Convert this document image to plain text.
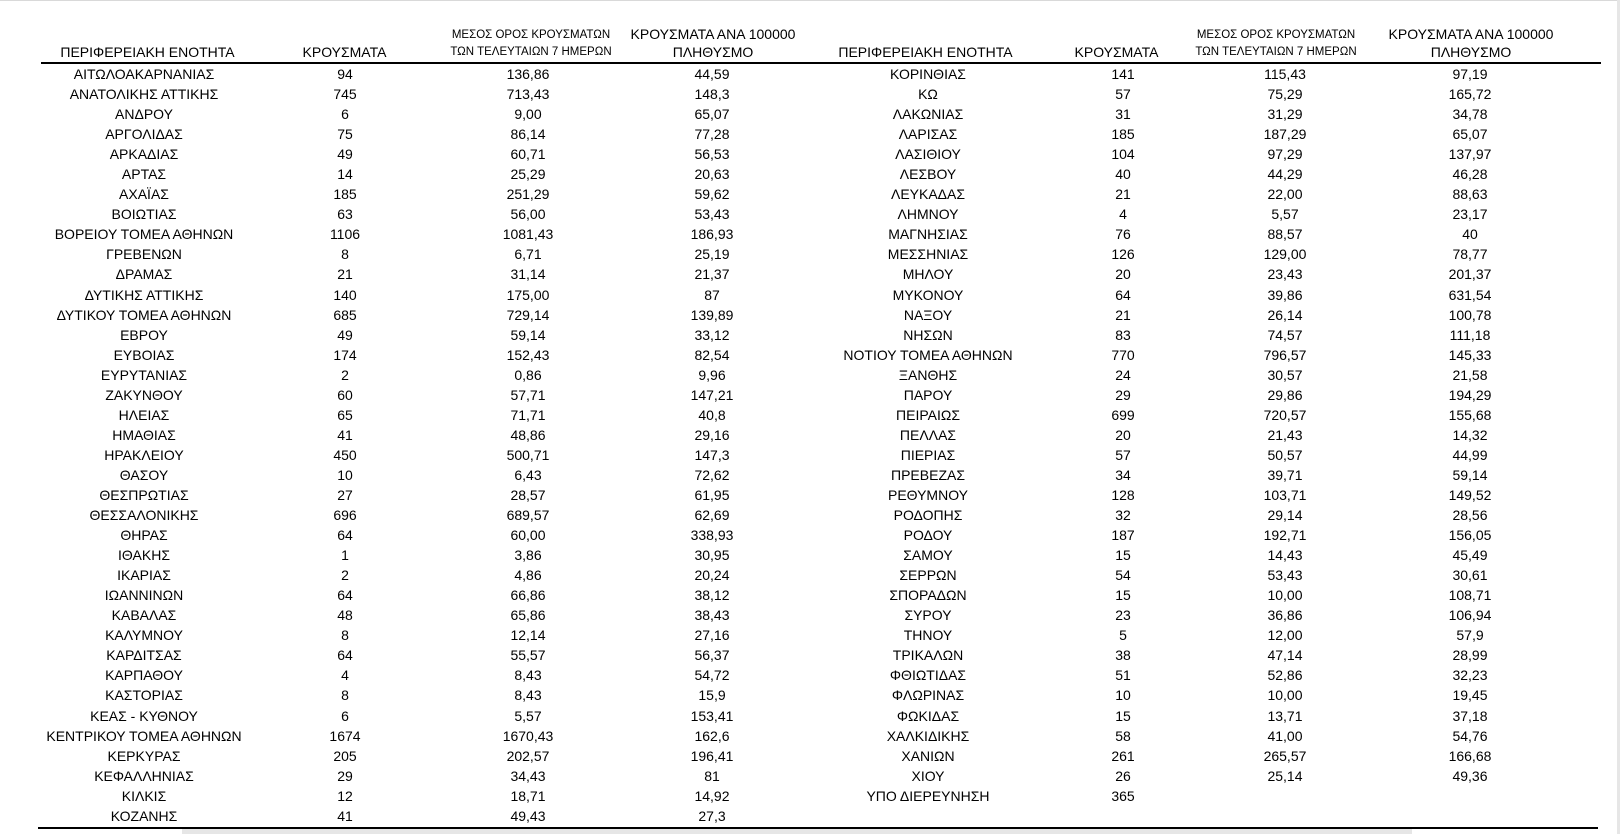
ΠΕΡΙΦΕΡΕΙΑΚΗ ΕΝΟΤΗΤΑ	ΚΡΟΥΣΜΑΤΑ
ΜΕΣΟΣ ΟΡΟΣ ΚΡΟΥΣΜΑΤΩΝ
ΤΩΝ ΤΕΛΕΥΤΑΙΩΝ 7 ΗΜΕΡΩΝ
ΚΡΟΥΣΜΑΤΑ ΑΝΑ 100000
ΠΛΗΘΥΣΜΟ
ΑΙΤΩΛΟΑΚΑΡΝΑΝΙΑΣ	94	136,86	44,59
ΑΝΑΤΟΛΙΚΗΣ ΑΤΤΙΚΗΣ	745	713,43	148,3
ΑΝΔΡΟΥ	6	9,00	65,07
ΑΡΓΟΛΙΔΑΣ	75	86,14	77,28
ΑΡΚΑΔΙΑΣ	49	60,71	56,53
ΑΡΤΑΣ	14	25,29	20,63
ΑΧΑΪΑΣ	185	251,29	59,62
ΒΟΙΩΤΙΑΣ	63	56,00	53,43
ΒΟΡΕΙΟΥ ΤΟΜΕΑ ΑΘΗΝΩΝ	1106	1081,43	186,93
ΓΡΕΒΕΝΩΝ	8	6,71	25,19
ΔΡΑΜΑΣ	21	31,14	21,37
ΔΥΤΙΚΗΣ ΑΤΤΙΚΗΣ	140	175,00	87
ΔΥΤΙΚΟΥ ΤΟΜΕΑ ΑΘΗΝΩΝ	685	729,14	139,89
ΕΒΡΟΥ	49	59,14	33,12
ΕΥΒΟΙΑΣ	174	152,43	82,54
ΕΥΡΥΤΑΝΙΑΣ	2	0,86	9,96
ΖΑΚΥΝΘΟΥ	60	57,71	147,21
ΗΛΕΙΑΣ	65	71,71	40,8
ΗΜΑΘΙΑΣ	41	48,86	29,16
ΗΡΑΚΛΕΙΟΥ	450	500,71	147,3
ΘΑΣΟΥ	10	6,43	72,62
ΘΕΣΠΡΩΤΙΑΣ	27	28,57	61,95
ΘΕΣΣΑΛΟΝΙΚΗΣ	696	689,57	62,69
ΘΗΡΑΣ	64	60,00	338,93
ΙΘΑΚΗΣ	1	3,86	30,95
ΙΚΑΡΙΑΣ	2	4,86	20,24
ΙΩΑΝΝΙΝΩΝ	64	66,86	38,12
ΚΑΒΑΛΑΣ	48	65,86	38,43
ΚΑΛΥΜΝΟΥ	8	12,14	27,16
ΚΑΡΔΙΤΣΑΣ	64	55,57	56,37
ΚΑΡΠΑΘΟΥ	4	8,43	54,72
ΚΑΣΤΟΡΙΑΣ	8	8,43	15,9
ΚΕΑΣ - ΚΥΘΝΟΥ	6	5,57	153,41
ΚΕΝΤΡΙΚΟΥ ΤΟΜΕΑ ΑΘΗΝΩΝ	1674	1670,43	162,6
ΚΕΡΚΥΡΑΣ	205	202,57	196,41
ΚΕΦΑΛΛΗΝΙΑΣ	29	34,43	81
ΚΙΛΚΙΣ	12	18,71	14,92
ΚΟΖΑΝΗΣ	41	49,43	27,3
ΠΕΡΙΦΕΡΕΙΑΚΗ ΕΝΟΤΗΤΑ	ΚΡΟΥΣΜΑΤΑ
ΜΕΣΟΣ ΟΡΟΣ ΚΡΟΥΣΜΑΤΩΝ
ΤΩΝ ΤΕΛΕΥΤΑΙΩΝ 7 ΗΜΕΡΩΝ
ΚΡΟΥΣΜΑΤΑ ΑΝΑ 100000
ΠΛΗΘΥΣΜΟ
ΚΟΡΙΝΘΙΑΣ	141	115,43	97,19
ΚΩ	57	75,29	165,72
ΛΑΚΩΝΙΑΣ	31	31,29	34,78
ΛΑΡΙΣΑΣ	185	187,29	65,07
ΛΑΣΙΘΙΟΥ	104	97,29	137,97
ΛΕΣΒΟΥ	40	44,29	46,28
ΛΕΥΚΑΔΑΣ	21	22,00	88,63
ΛΗΜΝΟΥ	4	5,57	23,17
ΜΑΓΝΗΣΙΑΣ	76	88,57	40
ΜΕΣΣΗΝΙΑΣ	126	129,00	78,77
ΜΗΛΟΥ	20	23,43	201,37
ΜΥΚΟΝΟΥ	64	39,86	631,54
ΝΑΞΟΥ	21	26,14	100,78
ΝΗΣΩΝ	83	74,57	111,18
ΝΟΤΙΟΥ ΤΟΜΕΑ ΑΘΗΝΩΝ	770	796,57	145,33
ΞΑΝΘΗΣ	24	30,57	21,58
ΠΑΡΟΥ	29	29,86	194,29
ΠΕΙΡΑΙΩΣ	699	720,57	155,68
ΠΕΛΛΑΣ	20	21,43	14,32
ΠΙΕΡΙΑΣ	57	50,57	44,99
ΠΡΕΒΕΖΑΣ	34	39,71	59,14
ΡΕΘΥΜΝΟΥ	128	103,71	149,52
ΡΟΔΟΠΗΣ	32	29,14	28,56
ΡΟΔΟΥ	187	192,71	156,05
ΣΑΜΟΥ	15	14,43	45,49
ΣΕΡΡΩΝ	54	53,43	30,61
ΣΠΟΡΑΔΩΝ	15	10,00	108,71
ΣΥΡΟΥ	23	36,86	106,94
ΤΗΝΟΥ	5	12,00	57,9
ΤΡΙΚΑΛΩΝ	38	47,14	28,99
ΦΘΙΩΤΙΔΑΣ	51	52,86	32,23
ΦΛΩΡΙΝΑΣ	10	10,00	19,45
ΦΩΚΙΔΑΣ	15	13,71	37,18
ΧΑΛΚΙΔΙΚΗΣ	58	41,00	54,76
ΧΑΝΙΩΝ	261	265,57	166,68
ΧΙΟΥ	26	25,14	49,36
ΥΠΟ ΔΙΕΡΕΥΝΗΣΗ	365
